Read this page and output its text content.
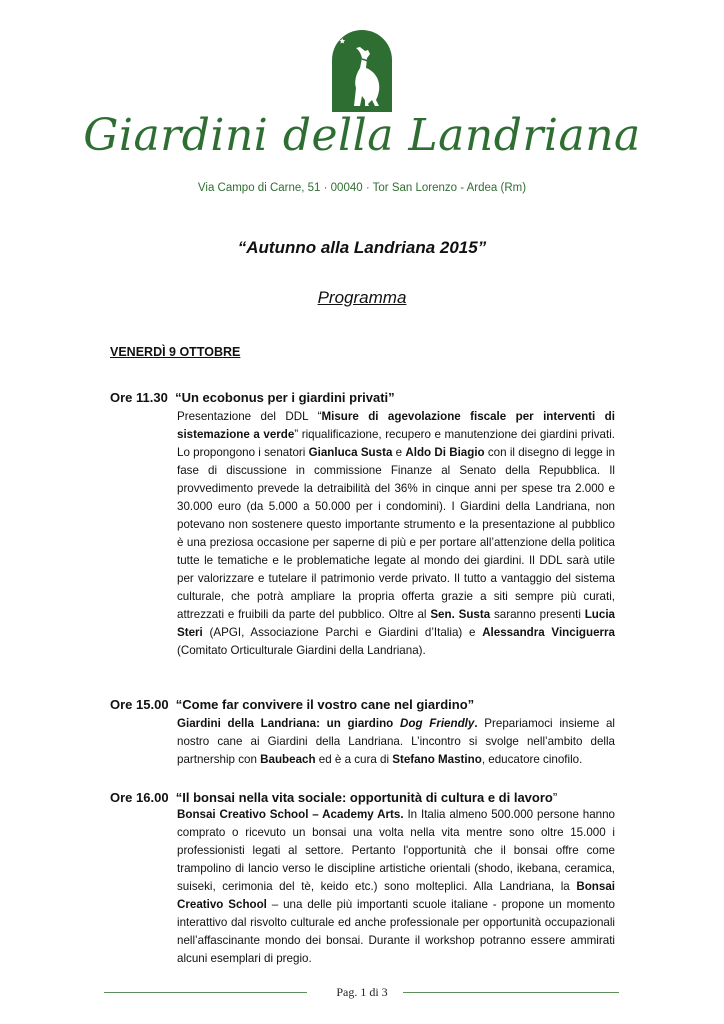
Giardini della Landriana
Via Campo di Carne, 51 · 00040 · Tor San Lorenzo - Ardea (Rm)
“Autunno alla Landriana 2015”
Programma
VENERDÌ 9 OTTOBRE
Ore 11.30 “Un ecobonus per i giardini privati”
Presentazione del DDL “Misure di agevolazione fiscale per interventi di sistemazione a verde” riqualificazione, recupero e manutenzione dei giardini privati. Lo propongono i senatori Gianluca Susta e Aldo Di Biagio con il disegno di legge in fase di discussione in commissione Finanze al Senato della Repubblica. Il provvedimento prevede la detraibilità del 36% in cinque anni per spese tra 2.000 e 30.000 euro (da 5.000 a 50.000 per i condomini). I Giardini della Landriana, non potevano non sostenere questo importante strumento e la presentazione al pubblico è una preziosa occasione per saperne di più e per portare all’attenzione della politica tutte le tematiche e le problematiche legate al mondo dei giardini. Il DDL sarà utile per valorizzare e tutelare il patrimonio verde privato. Il tutto a vantaggio del sistema culturale, che potrà ampliare la propria offerta grazie a siti sempre più curati, attrezzati e fruibili da parte del pubblico. Oltre al Sen. Susta saranno presenti Lucia Steri (APGI, Associazione Parchi e Giardini d’Italia) e Alessandra Vinciguerra (Comitato Orticulturale Giardini della Landriana).
Ore 15.00 “Come far convivere il vostro cane nel giardino”
Giardini della Landriana: un giardino Dog Friendly. Prepariamoci insieme al nostro cane ai Giardini della Landriana. L’incontro si svolge nell’ambito della partnership con Baubeach ed è a cura di Stefano Mastino, educatore cinofilo.
Ore 16.00 “Il bonsai nella vita sociale: opportunità di cultura e di lavoro”
Bonsai Creativo School – Academy Arts. In Italia almeno 500.000 persone hanno comprato o ricevuto un bonsai una volta nella vita mentre sono oltre 15.000 i professionisti legati al settore. Pertanto l'opportunità che il bonsai offre come trampolino di lancio verso le discipline artistiche orientali (shodo, ikebana, ceramica, suiseki, cerimonia del tè, keido etc.) sono molteplici. Alla Landriana, la Bonsai Creativo School – una delle più importanti scuole italiane - propone un momento interattivo dal risvolto culturale ed anche professionale per opportunità occupazionali nell’affascinante mondo dei bonsai. Durante il workshop potranno essere ammirati alcuni esemplari di pregio.
Pag. 1 di 3
